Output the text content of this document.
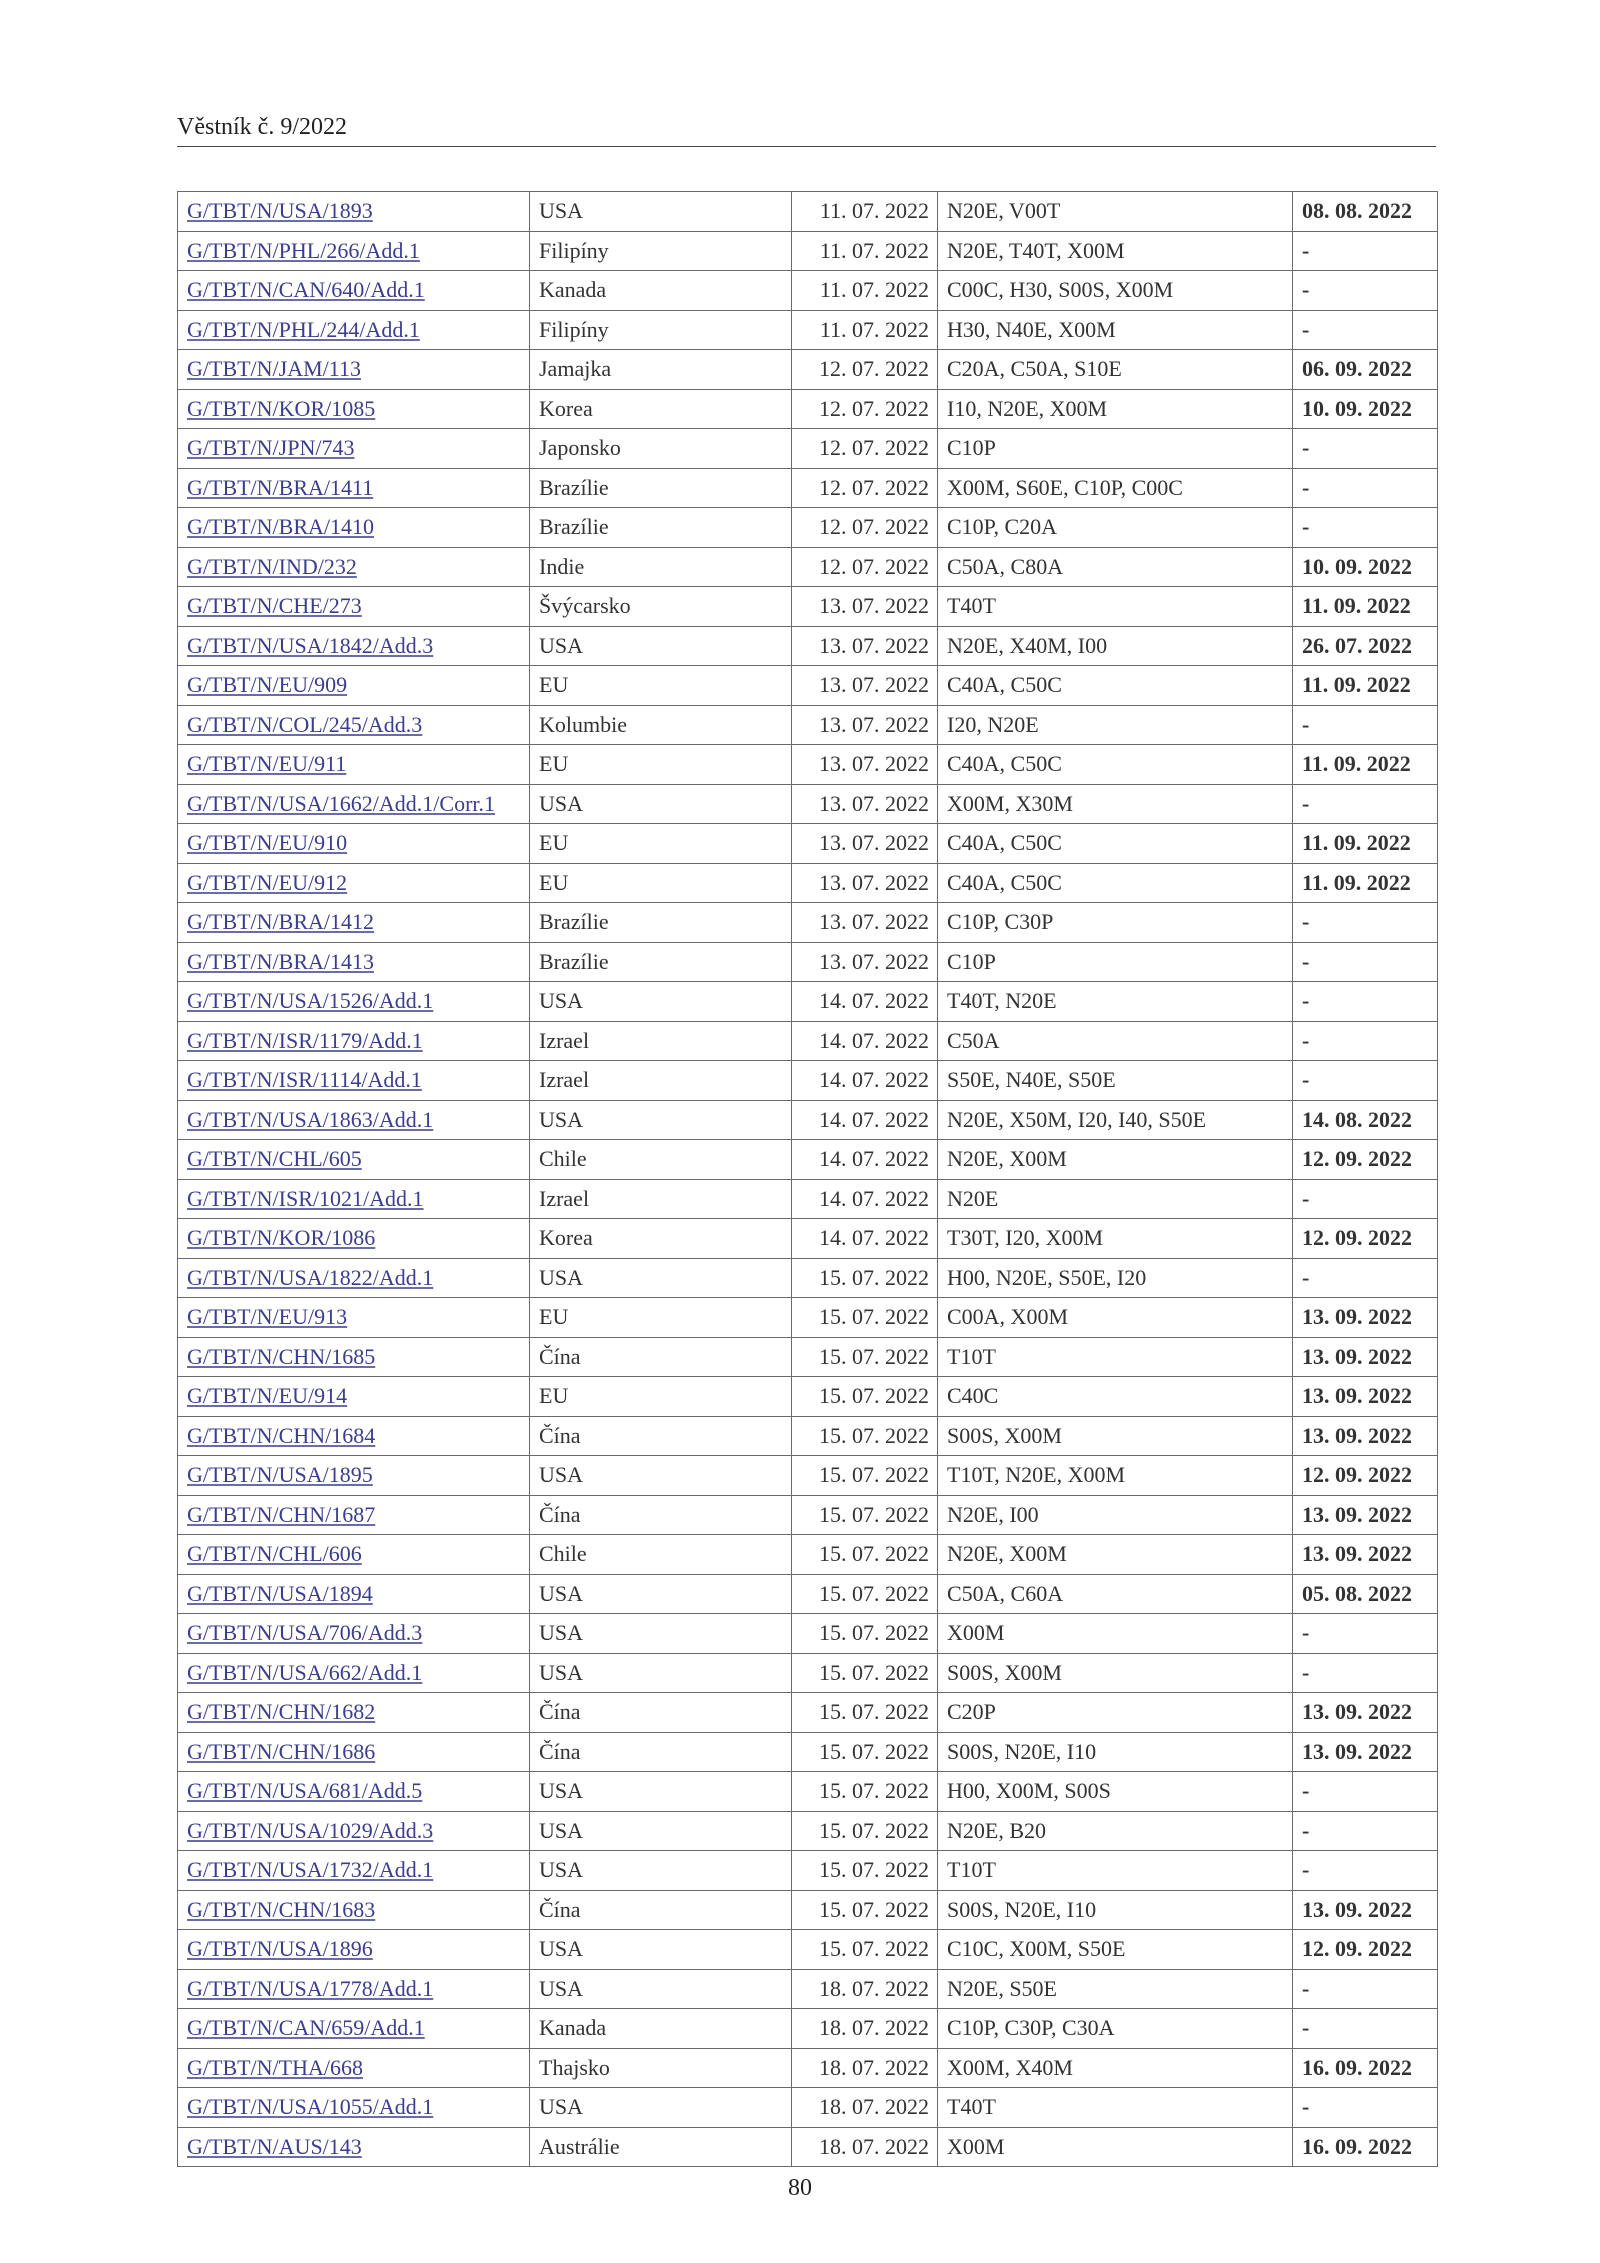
Věstník č. 9/2022
G/TBT/N/USA/1893	USA	11. 07. 2022	N20E, V00T	08. 08. 2022
G/TBT/N/PHL/266/Add.1	Filipíny	11. 07. 2022	N20E, T40T, X00M	-
G/TBT/N/CAN/640/Add.1	Kanada	11. 07. 2022	C00C, H30, S00S, X00M	-
G/TBT/N/PHL/244/Add.1	Filipíny	11. 07. 2022	H30, N40E, X00M	-
G/TBT/N/JAM/113	Jamajka	12. 07. 2022	C20A, C50A, S10E	06. 09. 2022
G/TBT/N/KOR/1085	Korea	12. 07. 2022	I10, N20E, X00M	10. 09. 2022
G/TBT/N/JPN/743	Japonsko	12. 07. 2022	C10P	-
G/TBT/N/BRA/1411	Brazílie	12. 07. 2022	X00M, S60E, C10P, C00C	-
G/TBT/N/BRA/1410	Brazílie	12. 07. 2022	C10P, C20A	-
G/TBT/N/IND/232	Indie	12. 07. 2022	C50A, C80A	10. 09. 2022
G/TBT/N/CHE/273	Švýcarsko	13. 07. 2022	T40T	11. 09. 2022
G/TBT/N/USA/1842/Add.3	USA	13. 07. 2022	N20E, X40M, I00	26. 07. 2022
G/TBT/N/EU/909	EU	13. 07. 2022	C40A, C50C	11. 09. 2022
G/TBT/N/COL/245/Add.3	Kolumbie	13. 07. 2022	I20, N20E	-
G/TBT/N/EU/911	EU	13. 07. 2022	C40A, C50C	11. 09. 2022
G/TBT/N/USA/1662/Add.1/Corr.1	USA	13. 07. 2022	X00M, X30M	-
G/TBT/N/EU/910	EU	13. 07. 2022	C40A, C50C	11. 09. 2022
G/TBT/N/EU/912	EU	13. 07. 2022	C40A, C50C	11. 09. 2022
G/TBT/N/BRA/1412	Brazílie	13. 07. 2022	C10P, C30P	-
G/TBT/N/BRA/1413	Brazílie	13. 07. 2022	C10P	-
G/TBT/N/USA/1526/Add.1	USA	14. 07. 2022	T40T, N20E	-
G/TBT/N/ISR/1179/Add.1	Izrael	14. 07. 2022	C50A	-
G/TBT/N/ISR/1114/Add.1	Izrael	14. 07. 2022	S50E, N40E, S50E	-
G/TBT/N/USA/1863/Add.1	USA	14. 07. 2022	N20E, X50M, I20, I40, S50E	14. 08. 2022
G/TBT/N/CHL/605	Chile	14. 07. 2022	N20E, X00M	12. 09. 2022
G/TBT/N/ISR/1021/Add.1	Izrael	14. 07. 2022	N20E	-
G/TBT/N/KOR/1086	Korea	14. 07. 2022	T30T, I20, X00M	12. 09. 2022
G/TBT/N/USA/1822/Add.1	USA	15. 07. 2022	H00, N20E, S50E, I20	-
G/TBT/N/EU/913	EU	15. 07. 2022	C00A, X00M	13. 09. 2022
G/TBT/N/CHN/1685	Čína	15. 07. 2022	T10T	13. 09. 2022
G/TBT/N/EU/914	EU	15. 07. 2022	C40C	13. 09. 2022
G/TBT/N/CHN/1684	Čína	15. 07. 2022	S00S, X00M	13. 09. 2022
G/TBT/N/USA/1895	USA	15. 07. 2022	T10T, N20E, X00M	12. 09. 2022
G/TBT/N/CHN/1687	Čína	15. 07. 2022	N20E, I00	13. 09. 2022
G/TBT/N/CHL/606	Chile	15. 07. 2022	N20E, X00M	13. 09. 2022
G/TBT/N/USA/1894	USA	15. 07. 2022	C50A, C60A	05. 08. 2022
G/TBT/N/USA/706/Add.3	USA	15. 07. 2022	X00M	-
G/TBT/N/USA/662/Add.1	USA	15. 07. 2022	S00S, X00M	-
G/TBT/N/CHN/1682	Čína	15. 07. 2022	C20P	13. 09. 2022
G/TBT/N/CHN/1686	Čína	15. 07. 2022	S00S, N20E, I10	13. 09. 2022
G/TBT/N/USA/681/Add.5	USA	15. 07. 2022	H00, X00M, S00S	-
G/TBT/N/USA/1029/Add.3	USA	15. 07. 2022	N20E, B20	-
G/TBT/N/USA/1732/Add.1	USA	15. 07. 2022	T10T	-
G/TBT/N/CHN/1683	Čína	15. 07. 2022	S00S, N20E, I10	13. 09. 2022
G/TBT/N/USA/1896	USA	15. 07. 2022	C10C, X00M, S50E	12. 09. 2022
G/TBT/N/USA/1778/Add.1	USA	18. 07. 2022	N20E, S50E	-
G/TBT/N/CAN/659/Add.1	Kanada	18. 07. 2022	C10P, C30P, C30A	-
G/TBT/N/THA/668	Thajsko	18. 07. 2022	X00M, X40M	16. 09. 2022
G/TBT/N/USA/1055/Add.1	USA	18. 07. 2022	T40T	-
G/TBT/N/AUS/143	Austrálie	18. 07. 2022	X00M	16. 09. 2022
80
